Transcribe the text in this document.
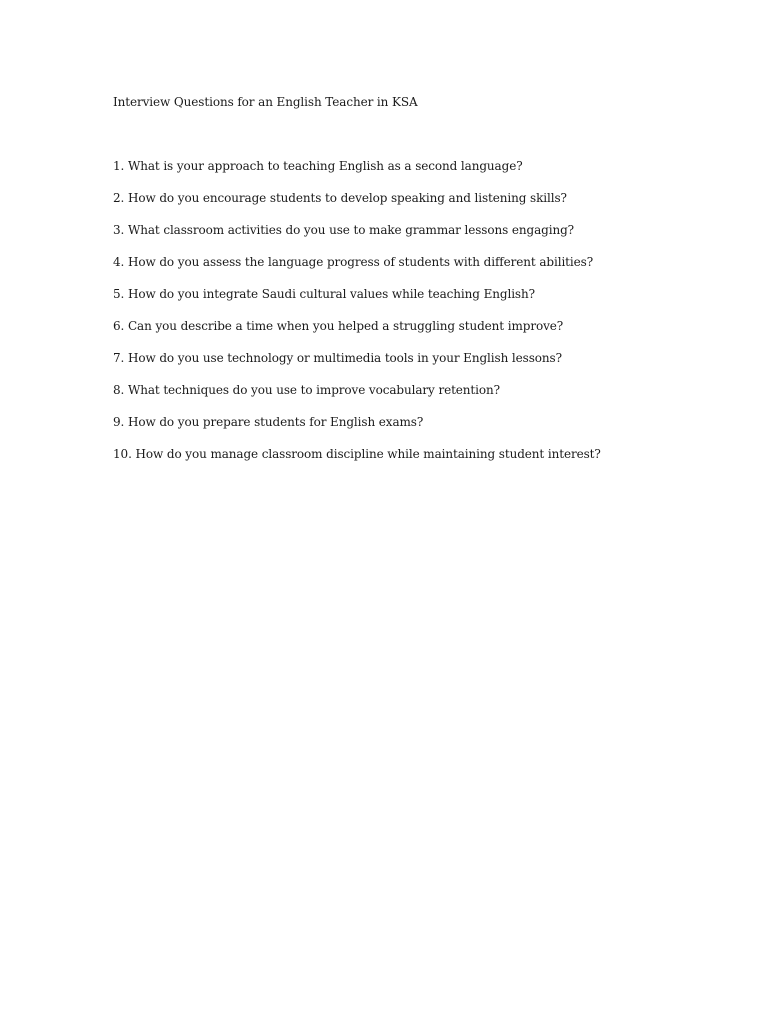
Interview Questions for an English Teacher in KSA
1. What is your approach to teaching English as a second language?
2. How do you encourage students to develop speaking and listening skills?
3. What classroom activities do you use to make grammar lessons engaging?
4. How do you assess the language progress of students with different abilities?
5. How do you integrate Saudi cultural values while teaching English?
6. Can you describe a time when you helped a struggling student improve?
7. How do you use technology or multimedia tools in your English lessons?
8. What techniques do you use to improve vocabulary retention?
9. How do you prepare students for English exams?
10. How do you manage classroom discipline while maintaining student interest?
